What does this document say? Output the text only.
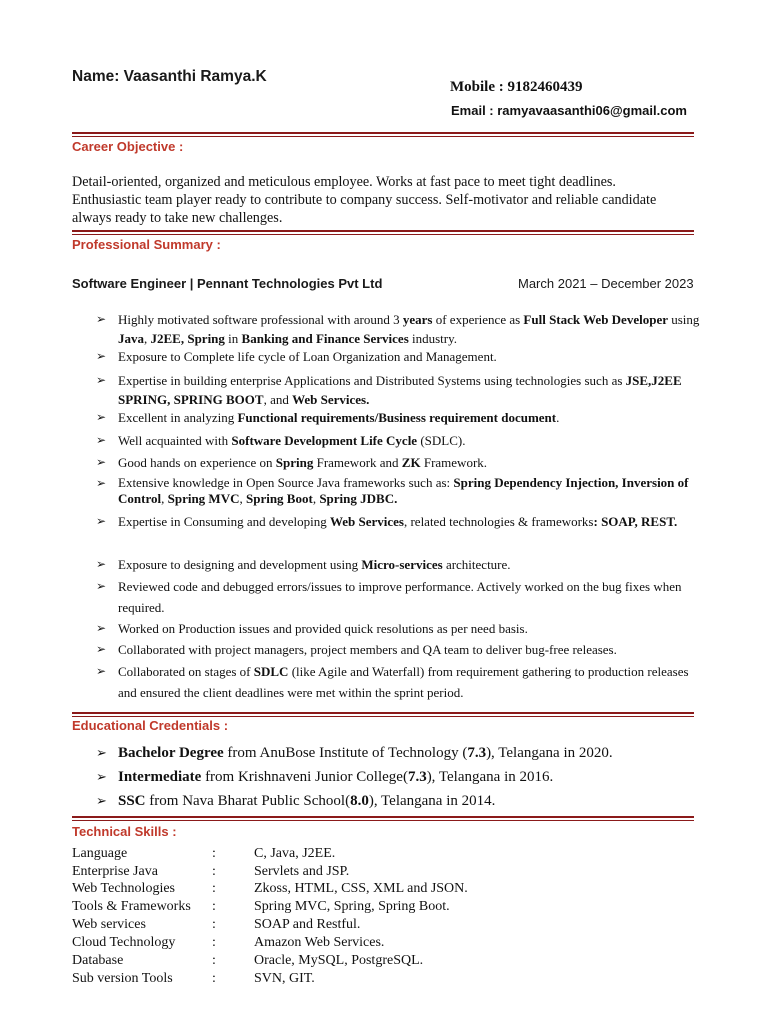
Name: Vaasanthi Ramya.K
Mobile : 9182460439
Email : ramyavaasanthi06@gmail.com
Career Objective :
Detail-oriented, organized and meticulous employee. Works at fast pace to meet tight deadlines.
Enthusiastic team player ready to contribute to company success. Self-motivator and reliable candidate
always ready to take new challenges.
Professional Summary :
Software Engineer | Pennant Technologies Pvt Ltd	March 2021 – December 2023
➢ Highly motivated software professional with around 3 years of experience as Full Stack Web Developer using Java, J2EE, Spring in Banking and Finance Services industry.
➢ Exposure to Complete life cycle of Loan Organization and Management.
➢ Expertise in building enterprise Applications and Distributed Systems using technologies such as JSE,J2EE SPRING, SPRING BOOT, and Web Services.
➢ Excellent in analyzing Functional requirements/Business requirement document.
➢ Well acquainted with Software Development Life Cycle (SDLC).
➢ Good hands on experience on Spring Framework and ZK Framework.
➢ Extensive knowledge in Open Source Java frameworks such as: Spring Dependency Injection, Inversion of Control, Spring MVC, Spring Boot, Spring JDBC.
➢ Expertise in Consuming and developing Web Services, related technologies & frameworks: SOAP, REST.
➢ Exposure to designing and development using Micro-services architecture.
➢ Reviewed code and debugged errors/issues to improve performance. Actively worked on the bug fixes when required.
➢ Worked on Production issues and provided quick resolutions as per need basis.
➢ Collaborated with project managers, project members and QA team to deliver bug-free releases.
➢ Collaborated on stages of SDLC (like Agile and Waterfall) from requirement gathering to production releases and ensured the client deadlines were met within the sprint period.
Educational Credentials :
➢ Bachelor Degree from AnuBose Institute of Technology (7.3), Telangana in 2020.
➢ Intermediate from Krishnaveni Junior College(7.3), Telangana in 2016.
➢ SSC from Nava Bharat Public School(8.0), Telangana in 2014.
Technical Skills :
Language	:	C, Java, J2EE.
Enterprise Java	:	Servlets and JSP.
Web Technologies	:	Zkoss, HTML, CSS, XML and JSON.
Tools & Frameworks :	Spring MVC, Spring, Spring Boot.
Web services	:	SOAP and Restful.
Cloud Technology	:	Amazon Web Services.
Database	:	Oracle, MySQL, PostgreSQL.
Sub version Tools	:	SVN, GIT.
